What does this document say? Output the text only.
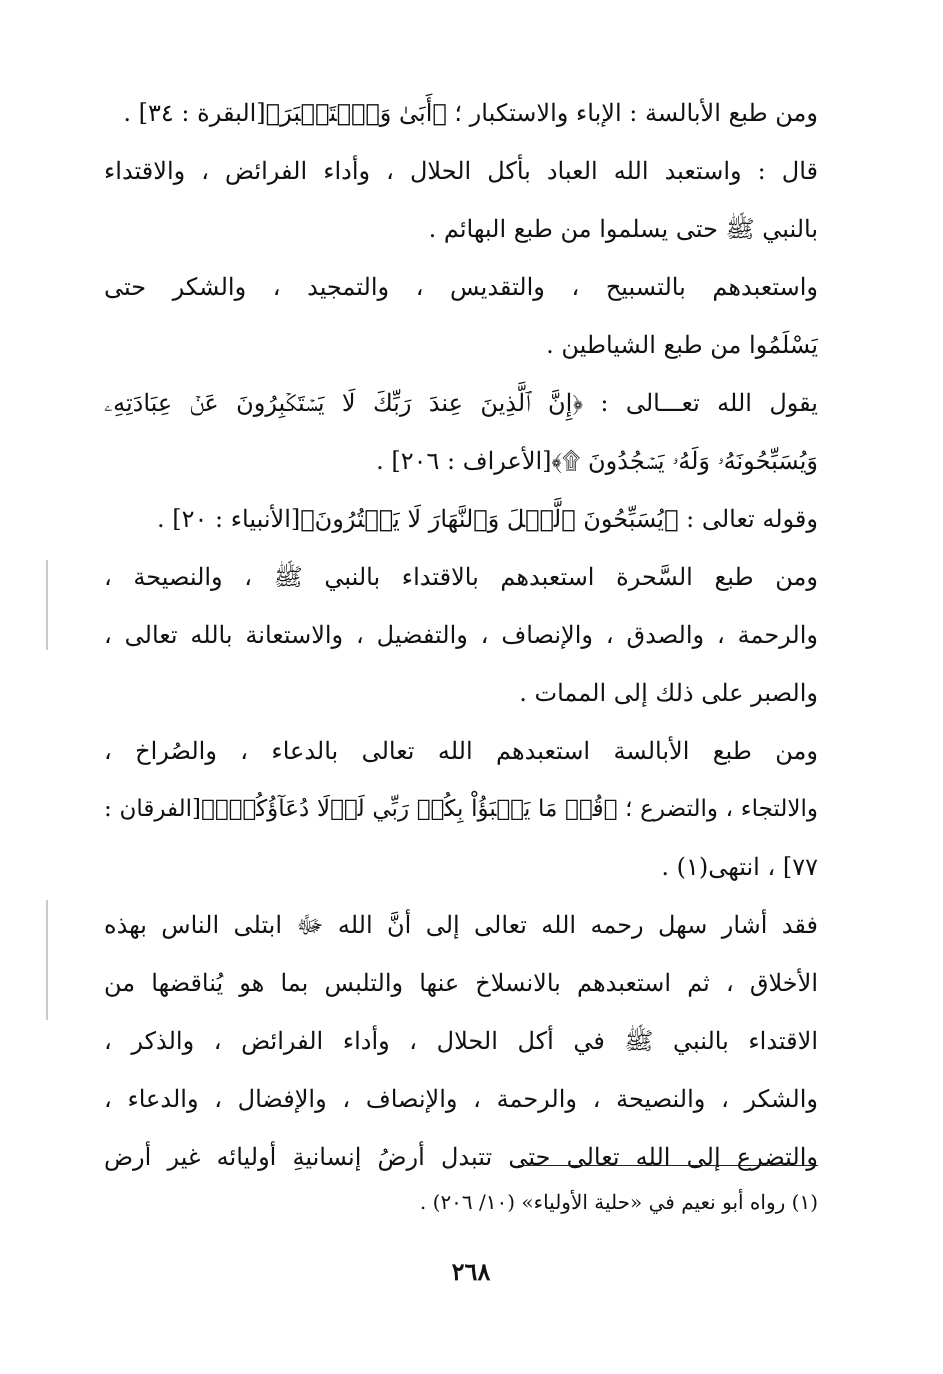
ومن طبع الأبالسة : الإباء والاستكبار ؛ ﴿أَبَىٰ وَٱسۡتَكۡبَرَ﴾[البقرة : ٣٤] .
قال : واستعبد الله العباد بأكل الحلال ، وأداء الفرائض ، والاقتداء
بالنبي ﷺ حتى يسلموا من طبع البهائم .
واستعبدهم بالتسبيح ، والتقديس ، والتمجيد ، والشكر حتى
يَسْلَمُوا من طبع الشياطين .
يقول الله تعـــالى : ﴿إِنَّ ٱلَّذِينَ عِندَ رَبِّكَ لَا يَسۡتَكۡبِرُونَ عَنۡ عِبَادَتِهِۦ
وَيُسَبِّحُونَهُۥ وَلَهُۥ يَسۡجُدُونَ ۩﴾[الأعراف : ٢٠٦] .
وقوله تعالى : ﴿يُسَبِّحُونَ ٱلَّيۡلَ وَٱلنَّهَارَ لَا يَفۡتُرُونَ﴾[الأنبياء : ٢٠] .
ومن طبع السَّحرة استعبدهم بالاقتداء بالنبي ﷺ ، والنصيحة ،
والرحمة ، والصدق ، والإنصاف ، والتفضيل ، والاستعانة بالله تعالى ،
والصبر على ذلك إلى الممات .
ومن طبع الأبالسة استعبدهم الله تعالى بالدعاء ، والصُراخ ،
والالتجاء ، والتضرع ؛ ﴿قُلۡ مَا يَعۡبَؤُاْ بِكُمۡ رَبِّي لَوۡلَا دُعَآؤُكُمۡۖ﴾[الفرقان :
٧٧] ، انتهى(١) .
فقد أشار سهل رحمه الله تعالى إلى أنَّ الله ﷻ ابتلى الناس بهذه
الأخلاق ، ثم استعبدهم بالانسلاخ عنها والتلبس بما هو يُناقضها من
الاقتداء بالنبي ﷺ في أكل الحلال ، وأداء الفرائض ، والذكر ،
والشكر ، والنصيحة ، والرحمة ، والإنصاف ، والإفضال ، والدعاء ،
والتضرع إلى الله تعالى حتى تتبدل أرضُ إنسانيةِ أوليائه غير أرض
(١) رواه أبو نعيم في «حلية الأولياء» (١٠/ ٢٠٦) .
٢٦٨
